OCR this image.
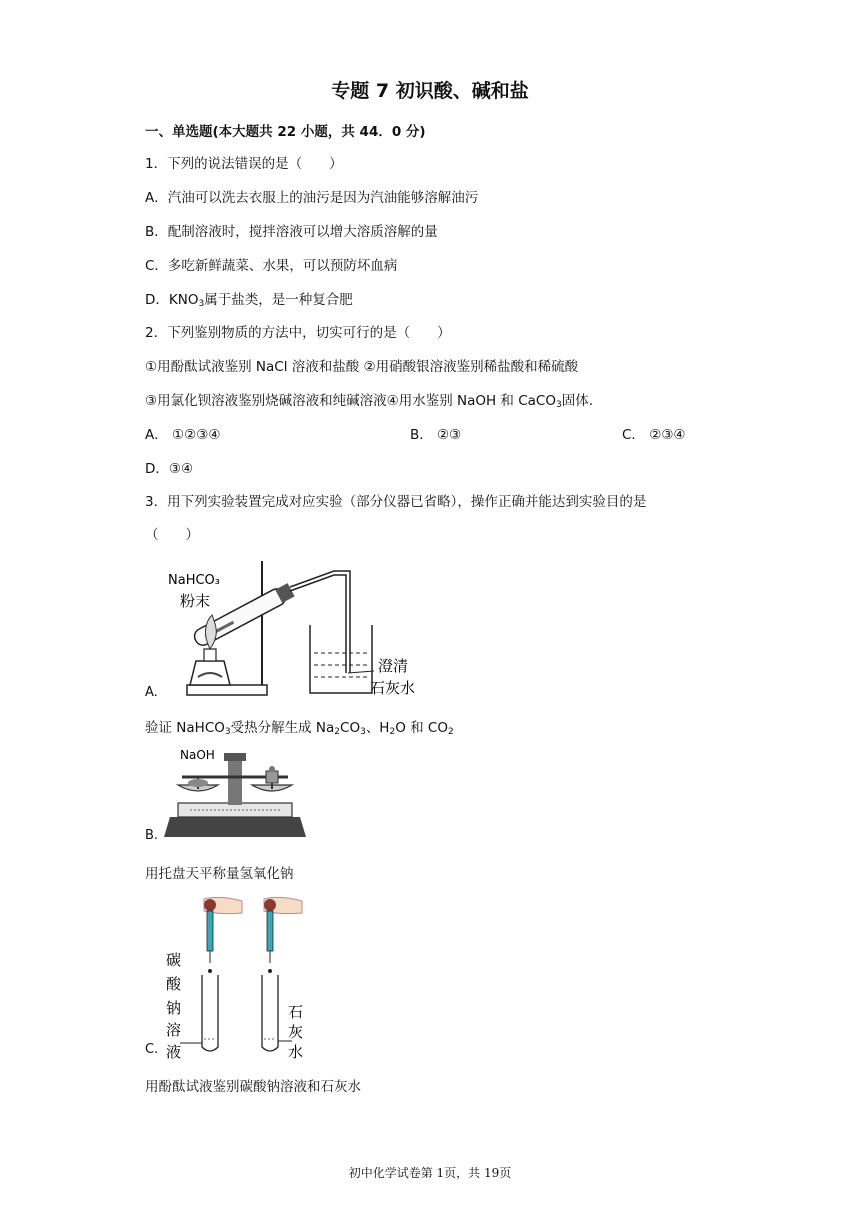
专题 7 初识酸、碱和盐
一、单选题(本大题共 22 小题，共 44．0 分)
1．下列的说法错误的是（　　）
A．汽油可以洗去衣服上的油污是因为汽油能够溶解油污
B．配制溶液时，搅拌溶液可以增大溶质溶解的量
C．多吃新鲜蔬菜、水果，可以预防坏血病
D．$KNO_3$属于盐类，是一种复合肥
2．下列鉴别物质的方法中，切实可行的是（　　）
①用酚酞试液鉴别 NaCl 溶液和盐酸 ②用硝酸银溶液鉴别稀盐酸和稀硫酸
③用氯化钡溶液鉴别烧碱溶液和纯碱溶液④用水鉴别 NaOH 和 CaCO$_3$固体.
A． ①②③④	B． ②③	C． ②③④
D．③④
3．用下列实验装置完成对应实验（部分仪器已省略），操作正确并能达到实验目的是
（　　）
NaHCO₃
粉末
澄清
石灰水
A.
验证 NaHCO$_3$受热分解生成 $Na_2CO_3$、$H_2O$ 和 $CO_2$
NaOH
B.
用托盘天平称量氢氧化钠
碳
酸
钠
溶
液
石
灰
水
C.
用酚酞试液鉴别碳酸钠溶液和石灰水
初中化学试卷第 1页，共 19页
